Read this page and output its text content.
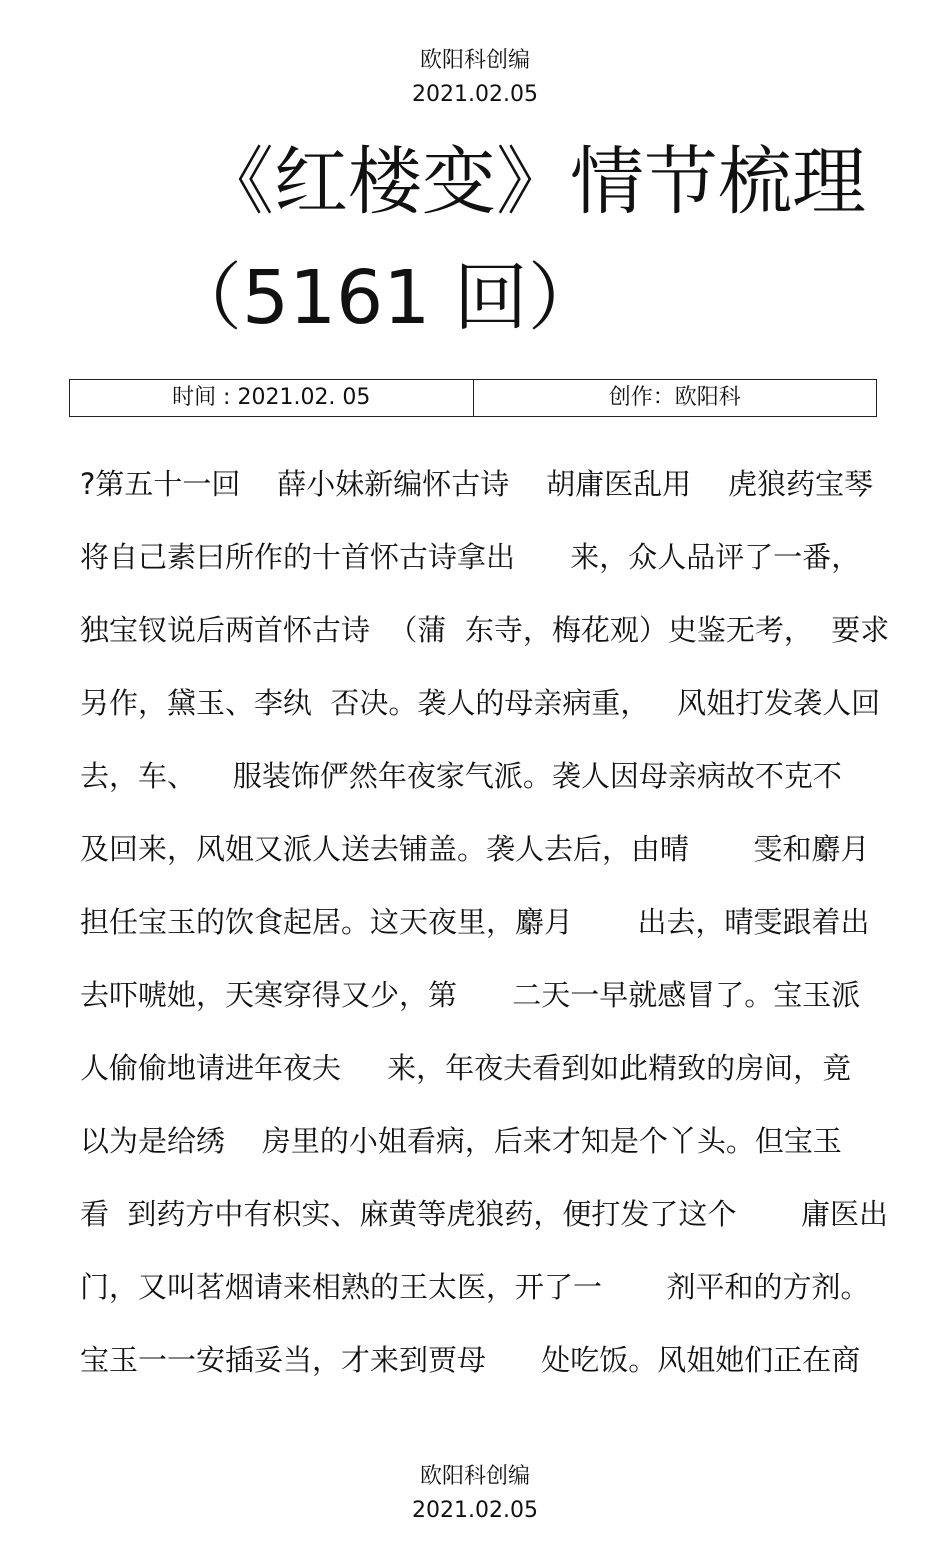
欧阳科创编
2021.02.05
《红楼变》情节梳理
（5161 回）
时间 : 2021.02. 05	创作：欧阳科
?第五十一回    薛小妹新编怀古诗    胡庸医乱用    虎狼药宝琴
将自己素曰所作的十首怀古诗拿出      来，众人品评了一番，
独宝钗说后两首怀古诗  （蒲  东寺，梅花观）史鉴无考，  要求
另作，黛玉、李纨  否决。袭人的母亲病重，   风姐打发袭人回
去，车、    服装饰俨然年夜家气派。袭人因母亲病故不克不
及回来，风姐又派人送去铺盖。袭人去后，由晴       雯和麝月
担任宝玉的饮食起居。这天夜里，麝月       出去，晴雯跟着出
去吓唬她，天寒穿得又少，第      二天一早就感冒了。宝玉派
人偷偷地请进年夜夫     来，年夜夫看到如此精致的房间，竟
以为是给绣    房里的小姐看病，后来才知是个丫头。但宝玉
看  到药方中有枳实、麻黄等虎狼药，便打发了这个       庸医出
门，又叫茗烟请来相熟的王太医，开了一       剂平和的方剂。
宝玉一一安插妥当，才来到贾母      处吃饭。风姐她们正在商
欧阳科创编
2021.02.05
